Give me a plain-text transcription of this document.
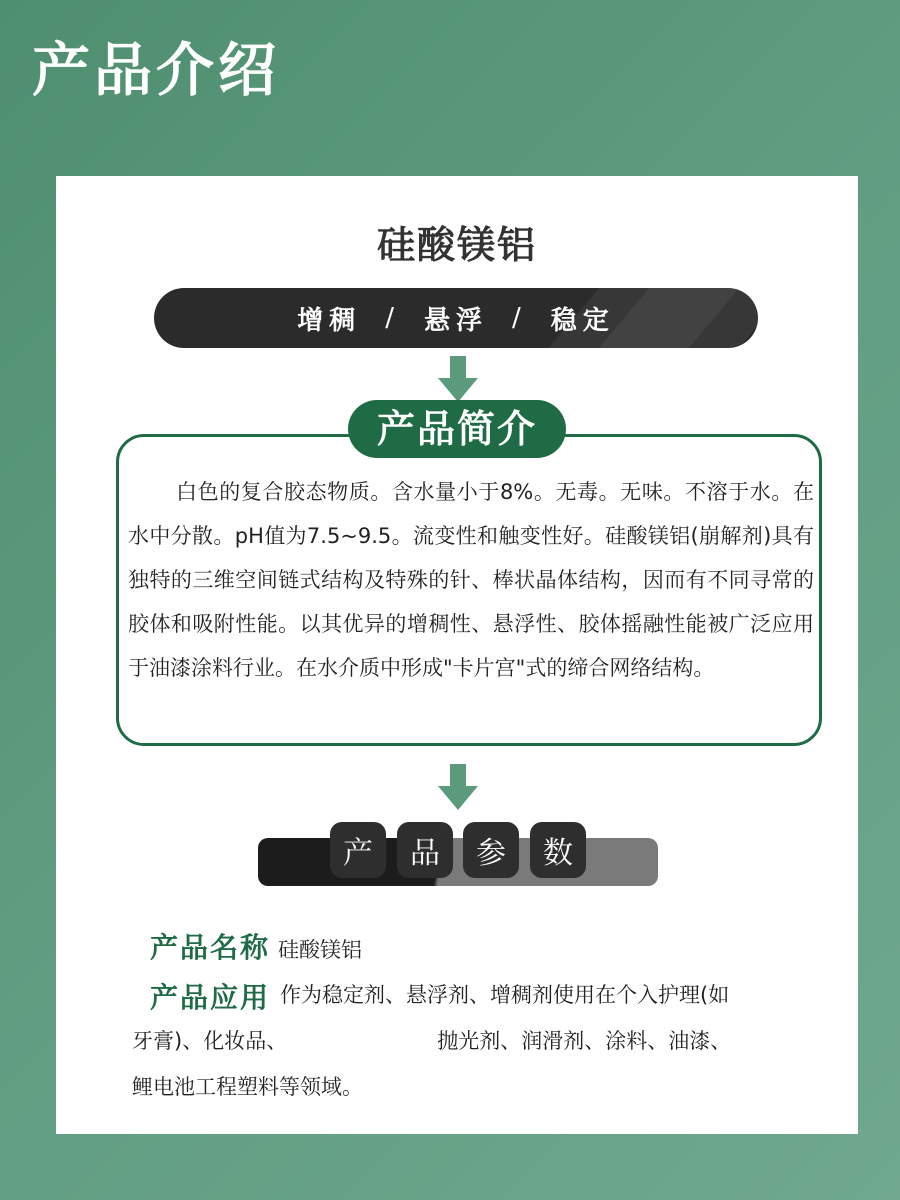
产品介绍
硅酸镁铝
增稠 / 悬浮 / 稳定
产品简介
白色的复合胶态物质。含水量小于8%。无毒。无味。不溶于水。在水中分散。pH值为7.5~9.5。流变性和触变性好。硅酸镁铝(崩解剂)具有独特的三维空间链式结构及特殊的针、棒状晶体结构，因而有不同寻常的胶体和吸附性能。以其优异的增稠性、悬浮性、胶体摇融性能被广泛应用于油漆涂料行业。在水介质中形成"卡片宫"式的缔合网络结构。
产	品	参	数
产品名称 硅酸镁铝
产品应用 作为稳定剂、悬浮剂、增稠剂使用在个入护理(如
牙膏)、化妆品、	抛光剂、润滑剂、涂料、油漆、
鲤电池工程塑料等领域。
